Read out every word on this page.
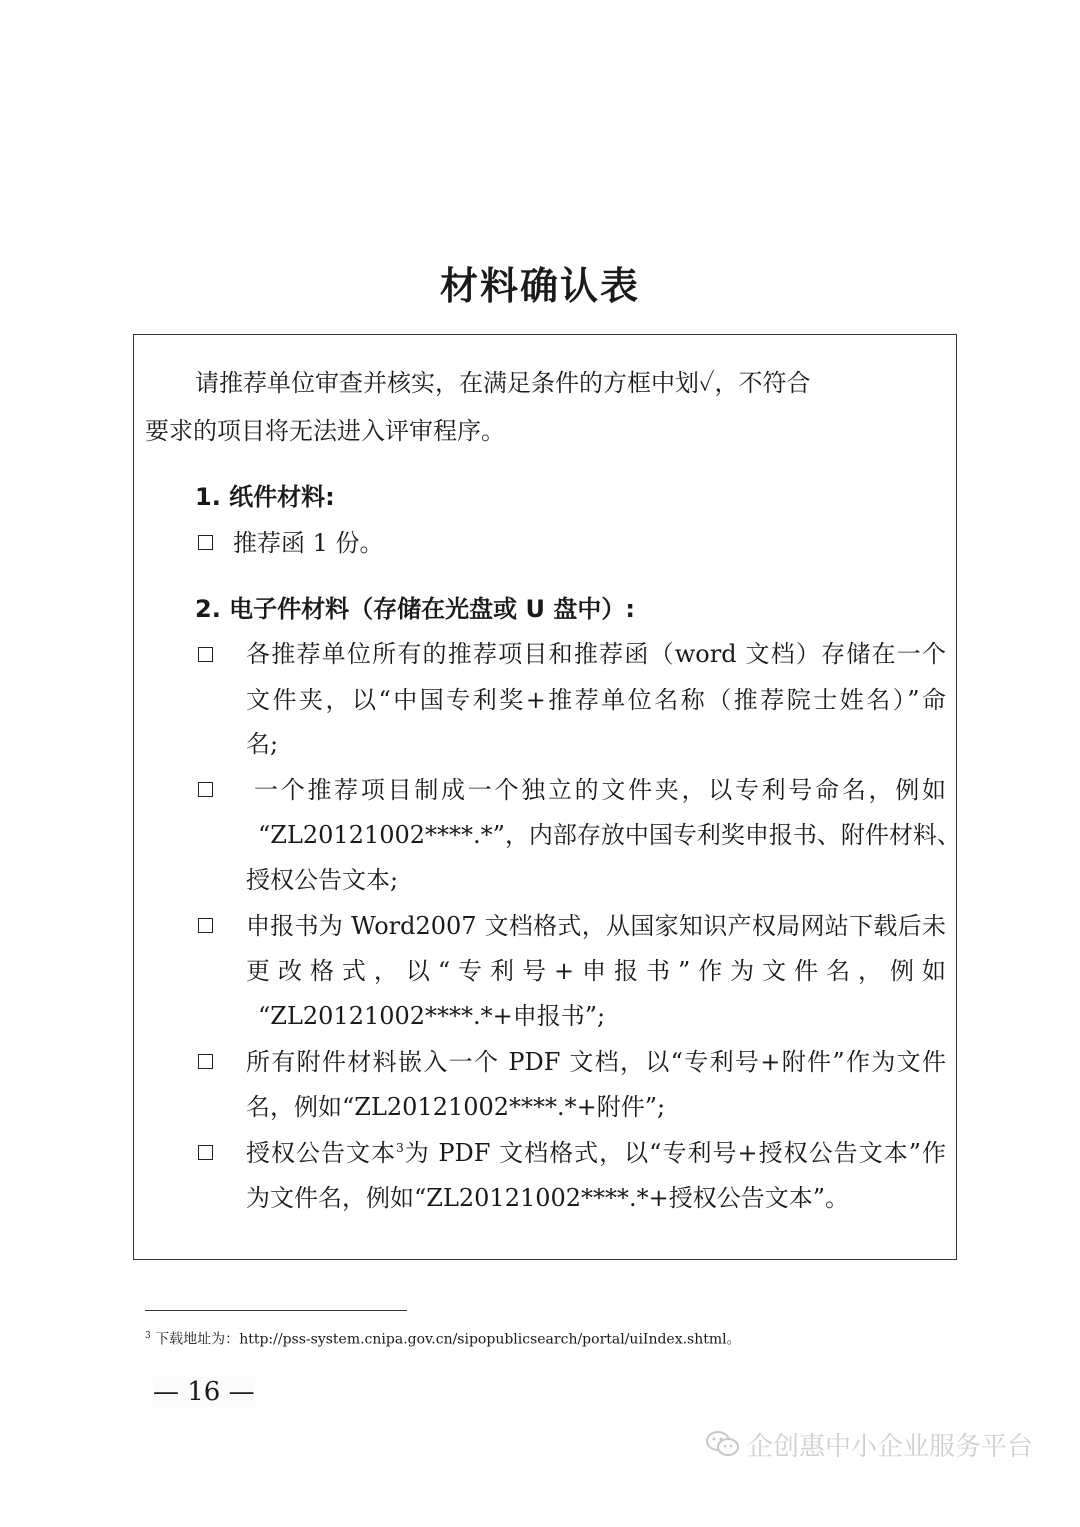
材料确认表
请推荐单位审查并核实，在满足条件的方框中划✓，不符合
要求的项目将无法进入评审程序。
1. 纸件材料:
推荐函 1 份。
2. 电子件材料（存储在光盘或 U 盘中）:
各推荐单位所有的推荐项目和推荐函（word 文档）存储在一个
文件夹，以“中国专利奖+推荐单位名称（推荐院士姓名）”命
名;
一个推荐项目制成一个独立的文件夹，以专利号命名，例如
“ZL20121002****.*”，内部存放中国专利奖申报书、附件材料、
授权公告文本;
申报书为 Word2007 文档格式，从国家知识产权局网站下载后未
更改格式，以“专利号+申报书”作为文件名，例如
“ZL20121002****.*+申报书”;
所有附件材料嵌入一个 PDF 文档，以“专利号+附件”作为文件
名，例如“ZL20121002****.*+附件”;
授权公告文本$^3$为 PDF 文档格式，以“专利号+授权公告文本”作
为文件名，例如“ZL20121002****.*+授权公告文本”。
$^3$ 下载地址为：http://pss-system.cnipa.gov.cn/sipopublicsearch/portal/uiIndex.shtml。
— 16 —
企创惠中小企业服务平台
